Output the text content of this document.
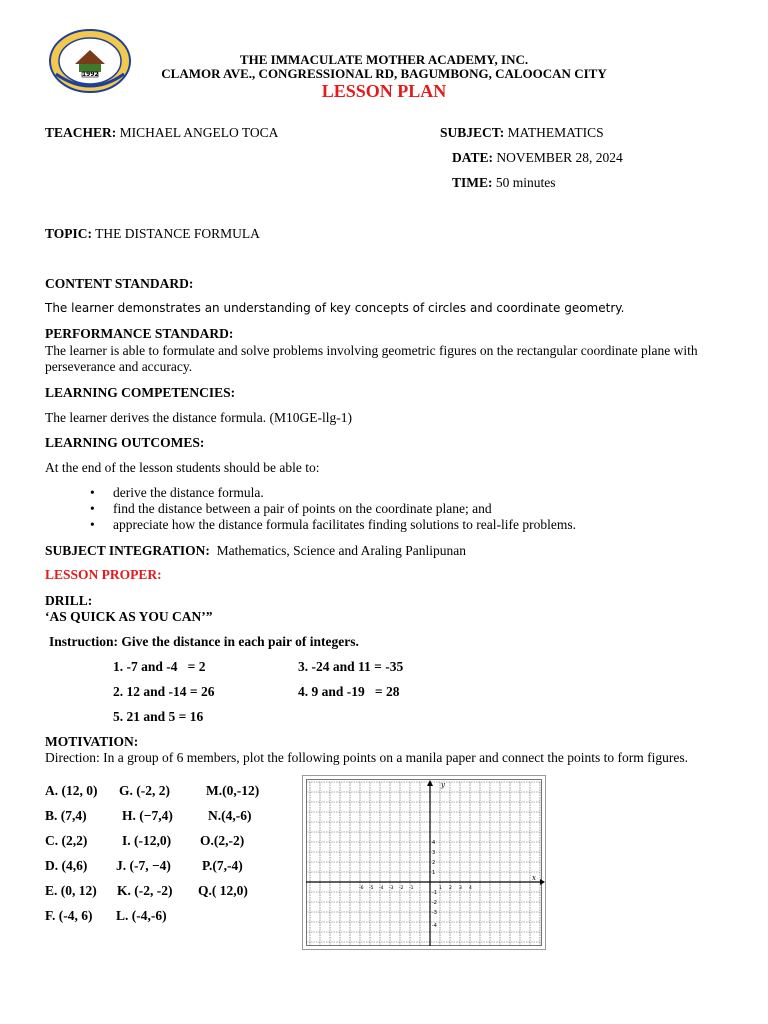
1992
THE IMMACULATE MOTHER ACADEMY, INC.
CLAMOR AVE., CONGRESSIONAL RD, BAGUMBONG, CALOOCAN CITY
LESSON PLAN
TEACHER: MICHAEL ANGELO TOCA	SUBJECT: MATHEMATICS
DATE: NOVEMBER 28, 2024
TIME: 50 minutes
TOPIC: THE DISTANCE FORMULA
CONTENT STANDARD:
The learner demonstrates an understanding of key concepts of circles and coordinate geometry.
PERFORMANCE STANDARD:
The learner is able to formulate and solve problems involving geometric figures on the rectangular coordinate plane with perseverance and accuracy.
LEARNING COMPETENCIES:
The learner derives the distance formula. (M10GE-llg-1)
LEARNING OUTCOMES:
At the end of the lesson students should be able to:
• derive the distance formula.
• find the distance between a pair of points on the coordinate plane; and
• appreciate how the distance formula facilitates finding solutions to real-life problems.
SUBJECT INTEGRATION: Mathematics, Science and Araling Panlipunan
LESSON PROPER:
DRILL:
‘AS QUICK AS YOU CAN’”
Instruction: Give the distance in each pair of integers.
1. -7 and -4   = 2	3. -24 and 11 = -35
2. 12 and -14 = 26	4. 9 and -19   = 28
5. 21 and 5 = 16
MOTIVATION:
Direction: In a group of 6 members, plot the following points on a manila paper and connect the points to form figures.
A. (12, 0) G. (-2, 2)	M.(0,-12)
B. (7,4)	H. (−7,4)	N.(4,-6)
C. (2,2)	I. (-12,0) O.(2,-2)
D. (4,6) J. (-7, −4) P.(7,-4)
E. (0, 12) K. (-2, -2) Q.( 12,0)
F. (-4, 6) L. (-4,-6)
x
y
4
3
2
1
-1
-2
-3
-4
-6 -5 -4 -3 -2 -1	1 2 3 4
